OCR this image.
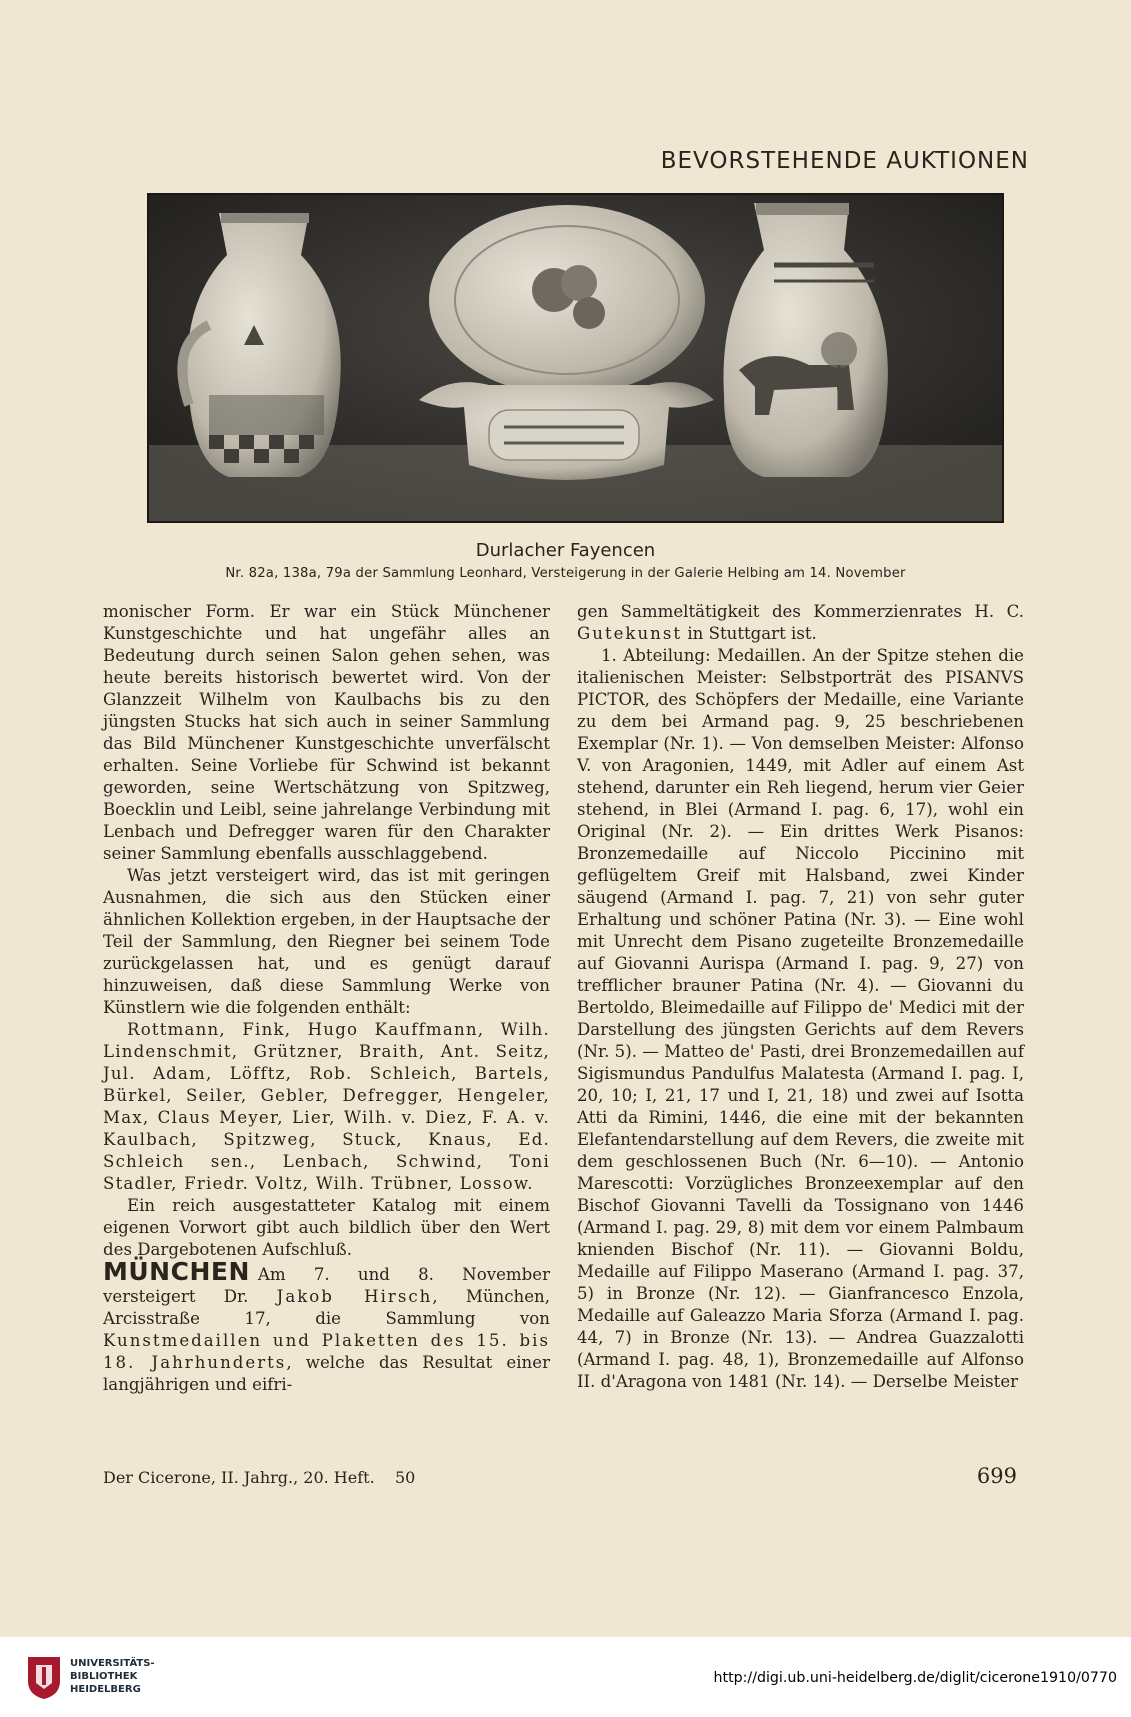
BEVORSTEHENDE AUKTIONEN
Durlacher Fayencen
Nr. 82a, 138a, 79a der Sammlung Leonhard, Versteigerung in der Galerie Helbing am 14. November

monischer Form. Er war ein Stück Münchener Kunstgeschichte und hat ungefähr alles an Bedeutung durch seinen Salon gehen sehen, was heute bereits historisch bewertet wird. Von der Glanzzeit Wilhelm von Kaulbachs bis zu den jüngsten Stucks hat sich auch in seiner Sammlung das Bild Münchener Kunstgeschichte unverfälscht erhalten. Seine Vorliebe für Schwind ist bekannt geworden, seine Wertschätzung von Spitzweg, Boecklin und Leibl, seine jahrelange Verbindung mit Lenbach und Defregger waren für den Charakter seiner Sammlung ebenfalls ausschlaggebend.

Was jetzt versteigert wird, das ist mit geringen Ausnahmen, die sich aus den Stücken einer ähnlichen Kollektion ergeben, in der Hauptsache der Teil der Sammlung, den Riegner bei seinem Tode zurückgelassen hat, und es genügt darauf hinzuweisen, daß diese Sammlung Werke von Künstlern wie die folgenden enthält:

Rottmann, Fink, Hugo Kauffmann, Wilh. Lindenschmit, Grützner, Braith, Ant. Seitz, Jul. Adam, Löfftz, Rob. Schleich, Bartels, Bürkel, Seiler, Gebler, Defregger, Hengeler, Max, Claus Meyer, Lier, Wilh. v. Diez, F. A. v. Kaulbach, Spitzweg, Stuck, Knaus, Ed. Schleich sen., Lenbach, Schwind, Toni Stadler, Friedr. Voltz, Wilh. Trübner, Lossow.

Ein reich ausgestatteter Katalog mit einem eigenen Vorwort gibt auch bildlich über den Wert des Dargebotenen Aufschluß.

MÜNCHEN Am 7. und 8. November versteigert Dr. Jakob Hirsch, München, Arcisstraße 17, die Sammlung von Kunstmedaillen und Plaketten des 15. bis 18. Jahrhunderts, welche das Resultat einer langjährigen und eifri-

gen Sammeltätigkeit des Kommerzienrates H. C. Gutekunst in Stuttgart ist.

1. Abteilung: Medaillen. An der Spitze stehen die italienischen Meister: Selbstporträt des PISANVS PICTOR, des Schöpfers der Medaille, eine Variante zu dem bei Armand pag. 9, 25 beschriebenen Exemplar (Nr. 1). — Von demselben Meister: Alfonso V. von Aragonien, 1449, mit Adler auf einem Ast stehend, darunter ein Reh liegend, herum vier Geier stehend, in Blei (Armand I. pag. 6, 17), wohl ein Original (Nr. 2). — Ein drittes Werk Pisanos: Bronzemedaille auf Niccolo Piccinino mit geflügeltem Greif mit Halsband, zwei Kinder säugend (Armand I. pag. 7, 21) von sehr guter Erhaltung und schöner Patina (Nr. 3). — Eine wohl mit Unrecht dem Pisano zugeteilte Bronzemedaille auf Giovanni Aurispa (Armand I. pag. 9, 27) von trefflicher brauner Patina (Nr. 4). — Giovanni du Bertoldo, Bleimedaille auf Filippo de' Medici mit der Darstellung des jüngsten Gerichts auf dem Revers (Nr. 5). — Matteo de' Pasti, drei Bronzemedaillen auf Sigismundus Pandulfus Malatesta (Armand I. pag. I, 20, 10; I, 21, 17 und I, 21, 18) und zwei auf Isotta Atti da Rimini, 1446, die eine mit der bekannten Elefantendarstellung auf dem Revers, die zweite mit dem geschlossenen Buch (Nr. 6—10). — Antonio Marescotti: Vorzügliches Bronzeexemplar auf den Bischof Giovanni Tavelli da Tossignano von 1446 (Armand I. pag. 29, 8) mit dem vor einem Palmbaum knienden Bischof (Nr. 11). — Giovanni Boldu, Medaille auf Filippo Maserano (Armand I. pag. 37, 5) in Bronze (Nr. 12). — Gianfrancesco Enzola, Medaille auf Galeazzo Maria Sforza (Armand I. pag. 44, 7) in Bronze (Nr. 13). — Andrea Guazzalotti (Armand I. pag. 48, 1), Bronzemedaille auf Alfonso II. d'Aragona von 1481 (Nr. 14). — Derselbe Meister

Der Cicerone, II. Jahrg., 20. Heft. 50	699
UNIVERSITÄTS-
BIBLIOTHEK
HEIDELBERG
http://digi.ub.uni-heidelberg.de/diglit/cicerone1910/0770
